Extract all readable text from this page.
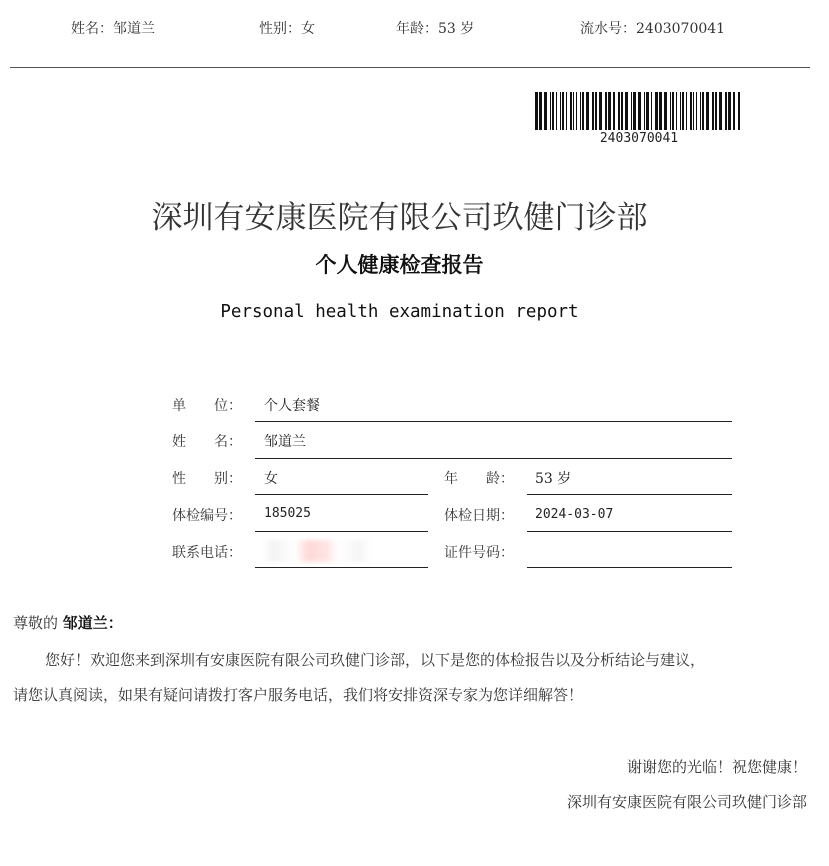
姓名：邹道兰	性别：女	年龄：53 岁	流水号：2403070041
2403070041
深圳有安康医院有限公司玖健门诊部
个人健康检查报告
Personal health examination report
单　　位： 个人套餐
姓　　名： 邹道兰
性　　别： 女	年　　龄： 53 岁
体检编号： 185025	体检日期： 2024-03-07
联系电话：	证件号码：
尊敬的 邹道兰：
您好！欢迎您来到深圳有安康医院有限公司玖健门诊部，以下是您的体检报告以及分析结论与建议，
请您认真阅读，如果有疑问请拨打客户服务电话，我们将安排资深专家为您详细解答！
谢谢您的光临！祝您健康！
深圳有安康医院有限公司玖健门诊部
